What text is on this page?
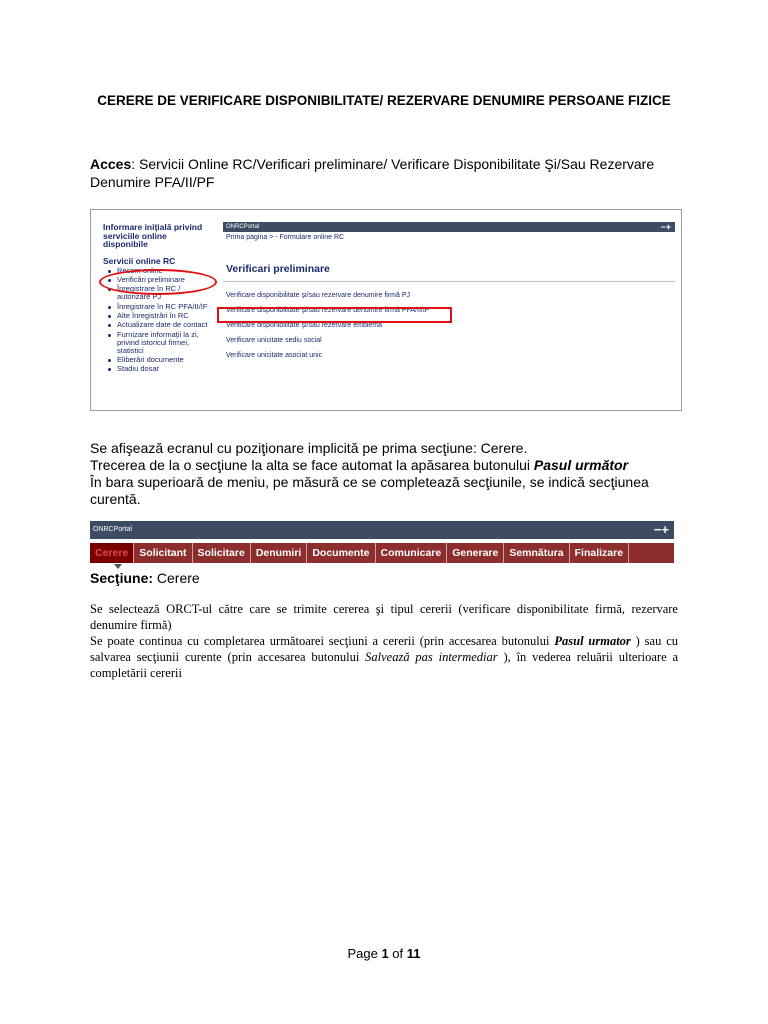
CERERE DE VERIFICARE DISPONIBILITATE/ REZERVARE DENUMIRE PERSOANE FIZICE
Acces: Servicii Online RC/Verificari preliminare/ Verificare Disponibilitate Şi/Sau Rezervare Denumire PFA/II/PF
Informare iniţială privind serviciile online disponibile
Servicii online RC
Recom online
Verificări preliminare
Înregistrare în RC / autorizare PJ
Înregistrare în RC PFA/II/IF
Alte înregistrări în RC
Actualizare date de contact
Furnizare informaţii la zi, privind istoricul firmei, statistici
Eliberări documente
Stadiu dosar
ONRCPortal	−+
Prima pagina > - Formulare online RC
Verificari preliminare
Verificare disponibilitate şi/sau rezervare denumire firmă PJ
Verificare disponibilitate şi/sau rezervare denumire firmă PFA/II/IF
Verificare disponibilitate şi/sau rezervare emblemă
Verificare unicitate sediu social
Verificare unicitate asociat unic
Se afişează ecranul cu poziţionare implicită pe prima secţiune: Cerere.
Trecerea de la o secţiune la alta se face automat la apăsarea butonului Pasul următor
În bara superioară de meniu, pe măsură ce se completează secţiunile, se indică secţiunea curentă.
ONRCPortal	−+
Cerere	Solicitant	Solicitare	Denumiri	Documente	Comunicare	Generare	Semnătura	Finalizare
Secţiune: Cerere
Se selectează ORCT-ul către care se trimite cererea şi tipul cererii (verificare disponibilitate firmă, rezervare denumire firmă)
Se poate continua cu completarea următoarei secţiuni a cererii (prin accesarea butonului Pasul urmator ) sau cu salvarea secţiunii curente (prin accesarea butonului Salvează pas intermediar ), în vederea reluării ulterioare a completării cererii
Page 1 of 11
